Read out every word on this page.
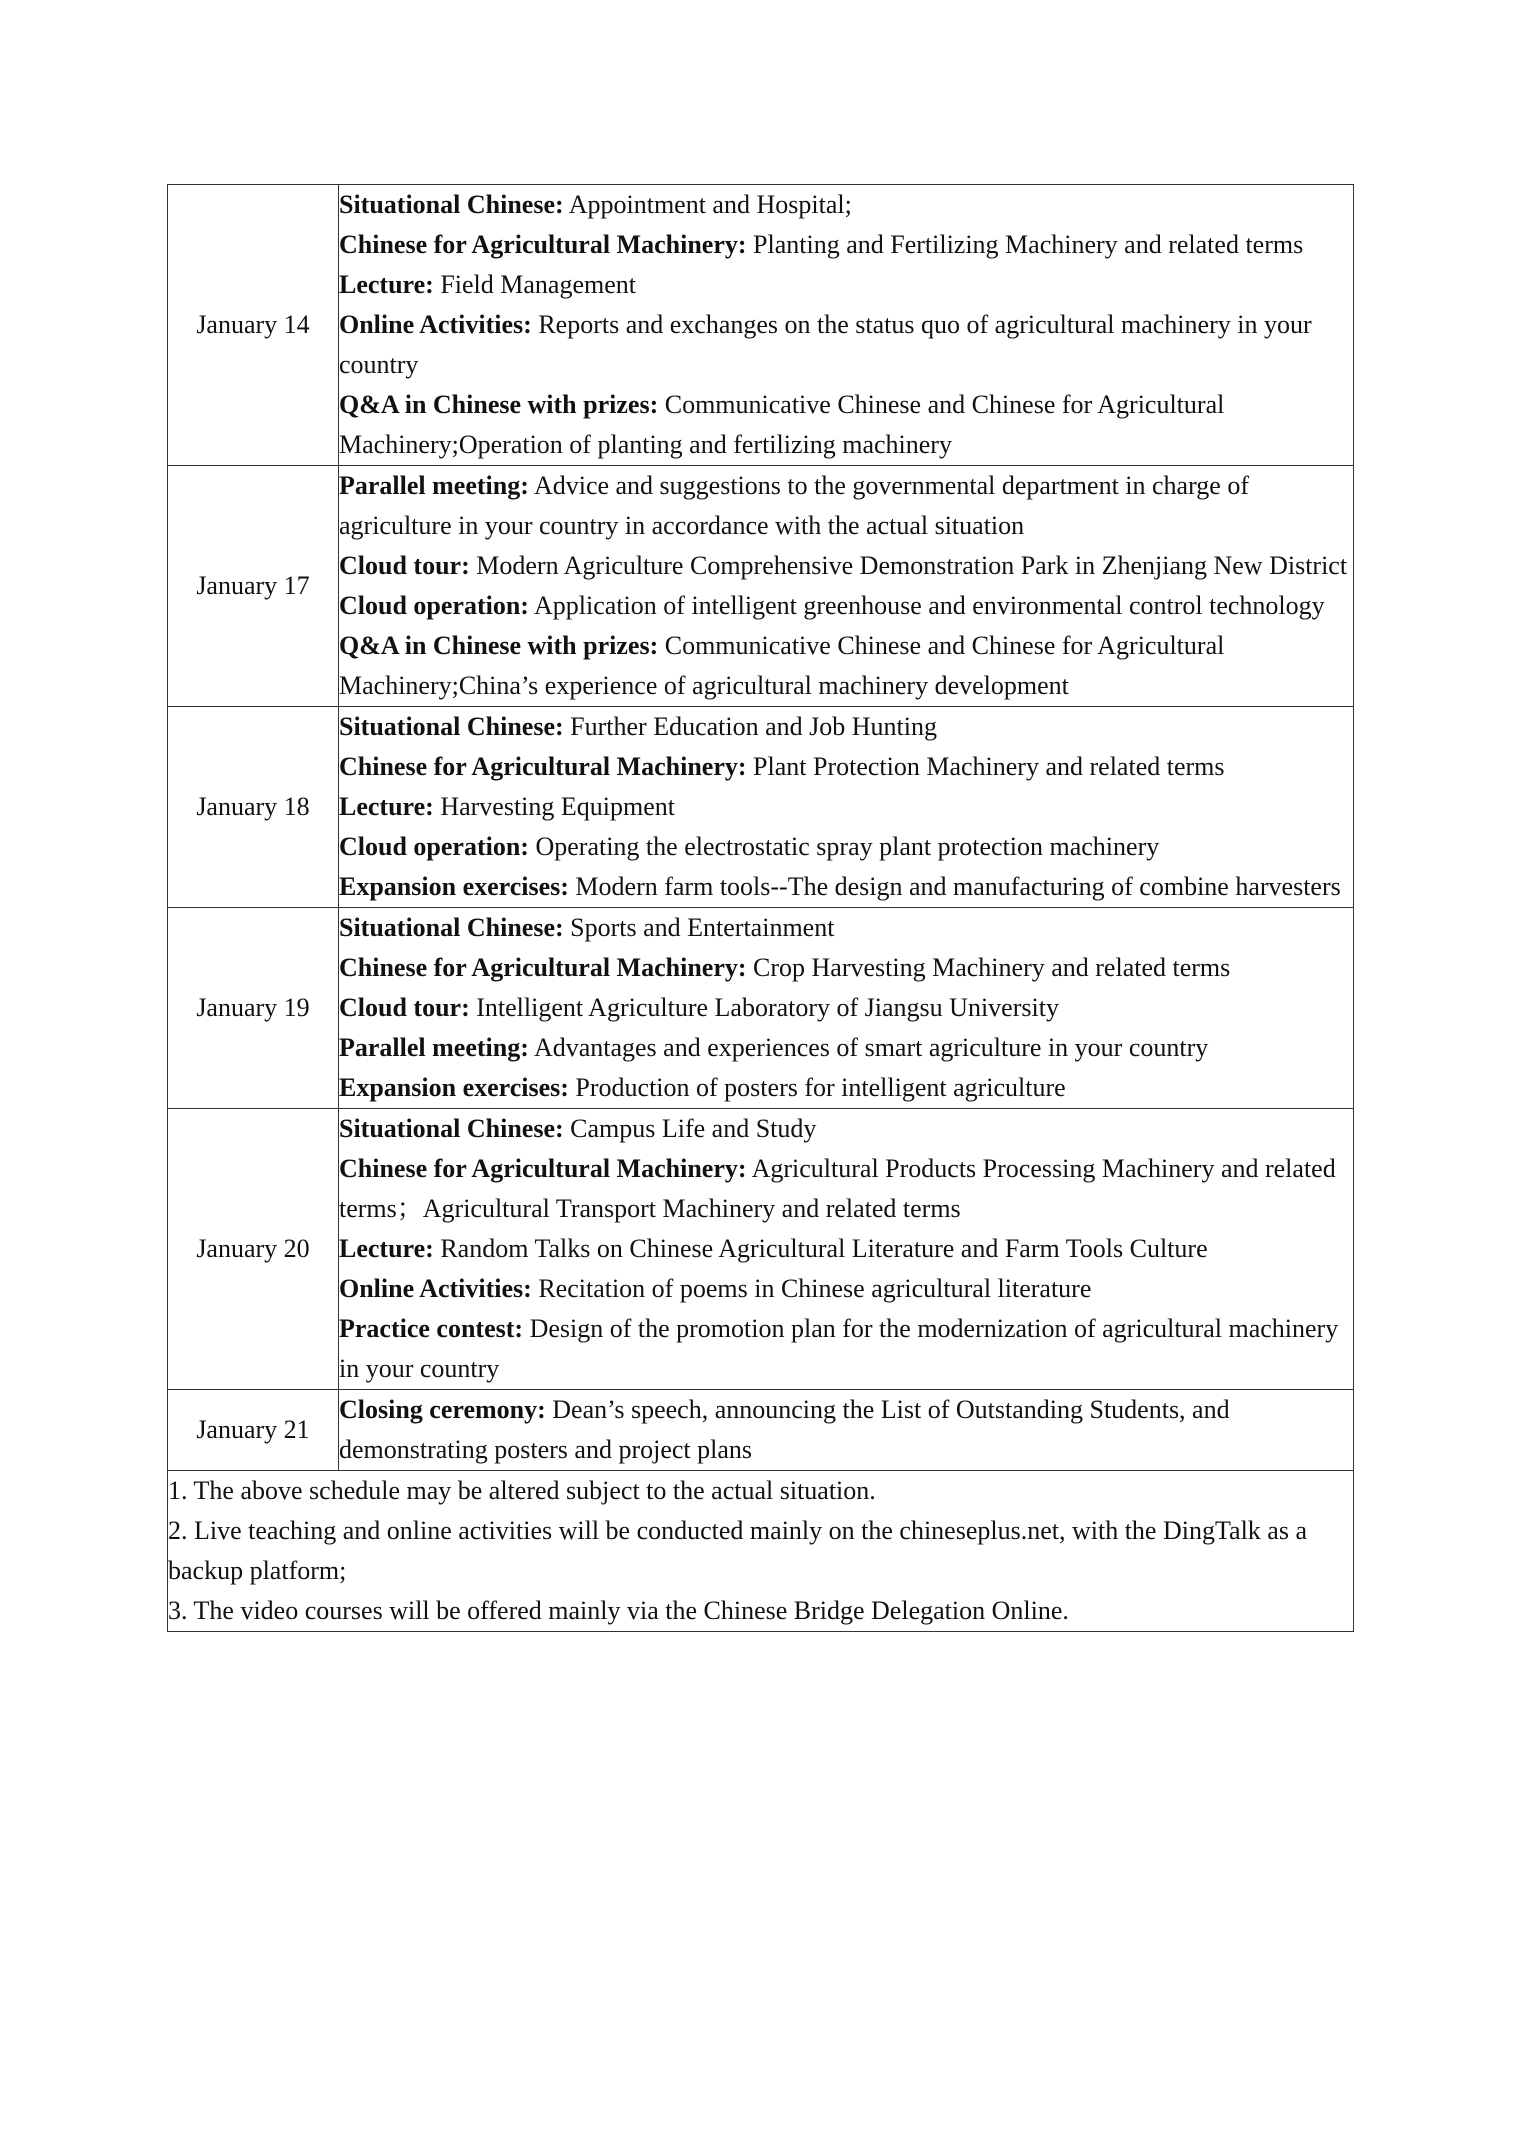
January 14	Situational Chinese: Appointment and Hospital;
Chinese for Agricultural Machinery: Planting and Fertilizing Machinery and related terms
Lecture: Field Management
Online Activities: Reports and exchanges on the status quo of agricultural machinery in your country
Q&A in Chinese with prizes: Communicative Chinese and Chinese for Agricultural Machinery;Operation of planting and fertilizing machinery

January 17	Parallel meeting: Advice and suggestions to the governmental department in charge of agriculture in your country in accordance with the actual situation
Cloud tour: Modern Agriculture Comprehensive Demonstration Park in Zhenjiang New District
Cloud operation: Application of intelligent greenhouse and environmental control technology
Q&A in Chinese with prizes: Communicative Chinese and Chinese for Agricultural Machinery;China’s experience of agricultural machinery development

January 18	Situational Chinese: Further Education and Job Hunting
Chinese for Agricultural Machinery: Plant Protection Machinery and related terms
Lecture: Harvesting Equipment
Cloud operation: Operating the electrostatic spray plant protection machinery
Expansion exercises: Modern farm tools--The design and manufacturing of combine harvesters

January 19	Situational Chinese: Sports and Entertainment
Chinese for Agricultural Machinery: Crop Harvesting Machinery and related terms
Cloud tour: Intelligent Agriculture Laboratory of Jiangsu University
Parallel meeting: Advantages and experiences of smart agriculture in your country
Expansion exercises: Production of posters for intelligent agriculture

January 20	Situational Chinese: Campus Life and Study
Chinese for Agricultural Machinery: Agricultural Products Processing Machinery and related terms；Agricultural Transport Machinery and related terms
Lecture: Random Talks on Chinese Agricultural Literature and Farm Tools Culture
Online Activities: Recitation of poems in Chinese agricultural literature
Practice contest: Design of the promotion plan for the modernization of agricultural machinery in your country

January 21	Closing ceremony: Dean’s speech, announcing the List of Outstanding Students, and demonstrating posters and project plans

1. The above schedule may be altered subject to the actual situation.
2. Live teaching and online activities will be conducted mainly on the chineseplus.net, with the DingTalk as a backup platform;
3. The video courses will be offered mainly via the Chinese Bridge Delegation Online.	
